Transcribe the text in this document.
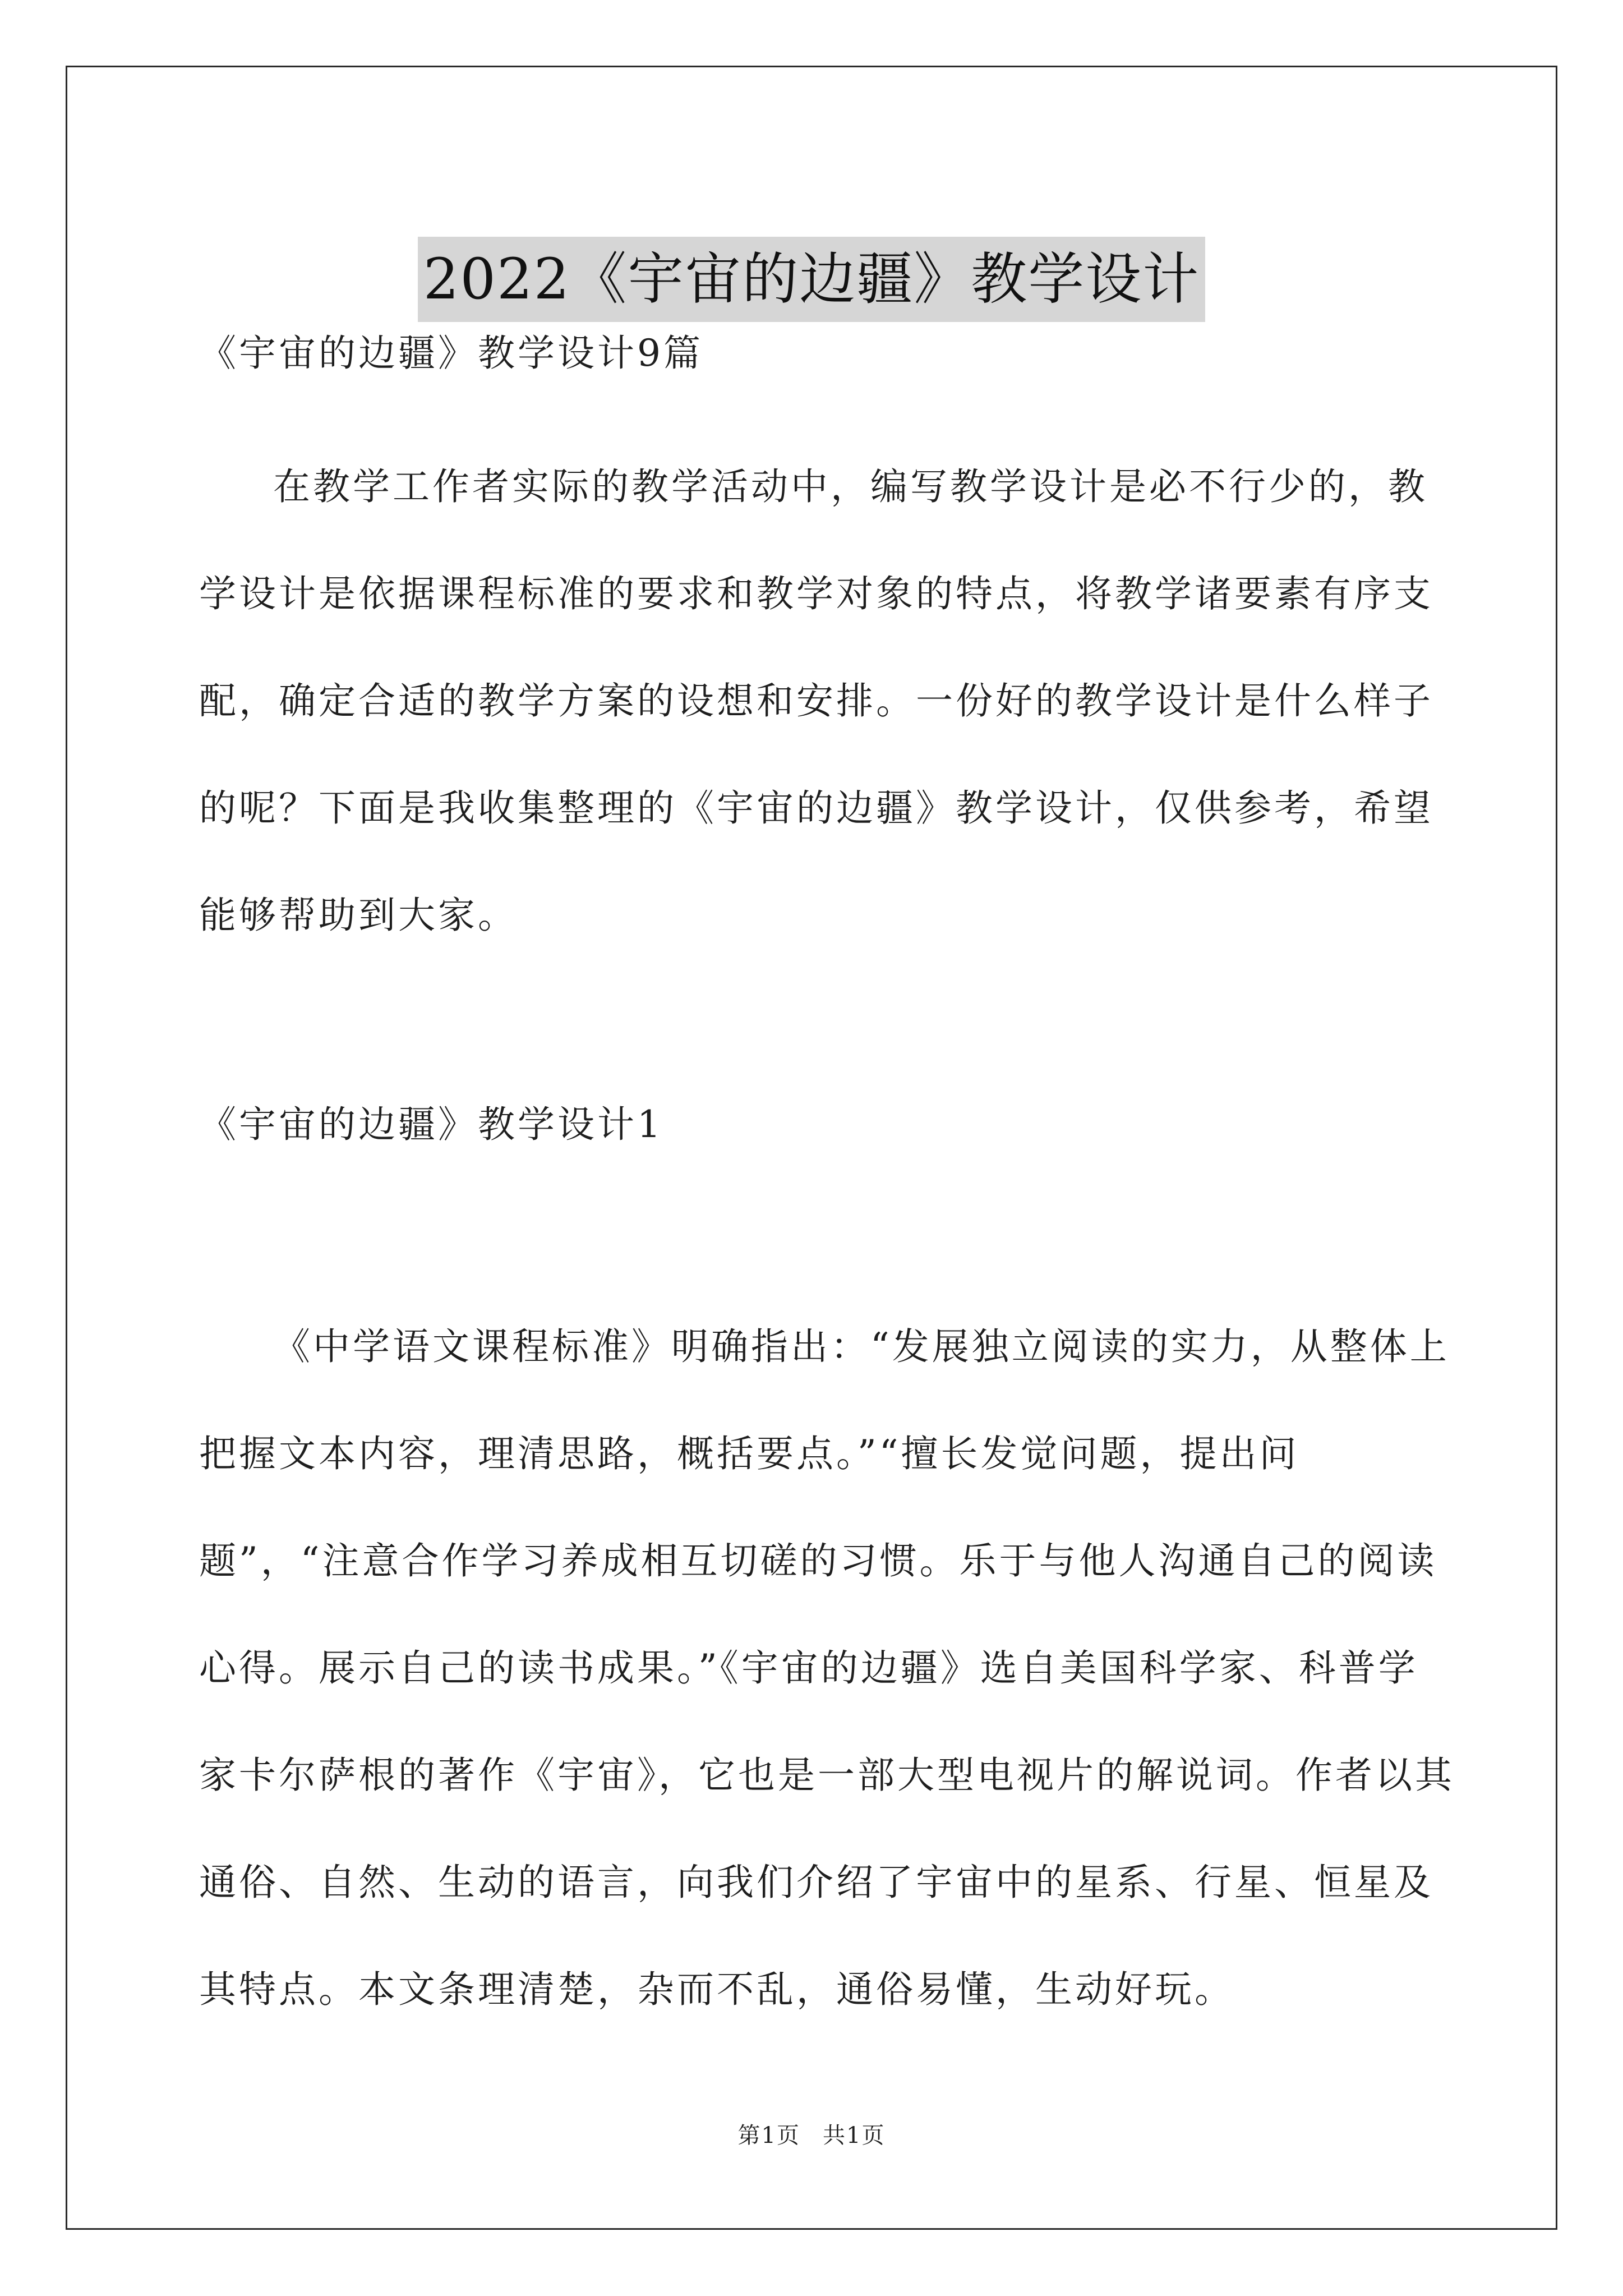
2022《宇宙的边疆》教学设计
《宇宙的边疆》教学设计9篇

在教学工作者实际的教学活动中，编写教学设计是必不行少的，教学设计是依据课程标准的要求和教学对象的特点，将教学诸要素有序支配，确定合适的教学方案的设想和安排。一份好的教学设计是什么样子的呢？下面是我收集整理的《宇宙的边疆》教学设计，仅供参考，希望能够帮助到大家。

《宇宙的边疆》教学设计1

《中学语文课程标准》明确指出：“发展独立阅读的实力，从整体上把握文本内容，理清思路，概括要点。”“擅长发觉问题，提出问题”，“注意合作学习养成相互切磋的习惯。乐于与他人沟通自己的阅读心得。展示自己的读书成果。”《宇宙的边疆》选自美国科学家、科普学家卡尔萨根的著作《宇宙》，它也是一部大型电视片的解说词。作者以其通俗、自然、生动的语言，向我们介绍了宇宙中的星系、行星、恒星及其特点。本文条理清楚，杂而不乱，通俗易懂，生动好玩。

第1页 共1页
